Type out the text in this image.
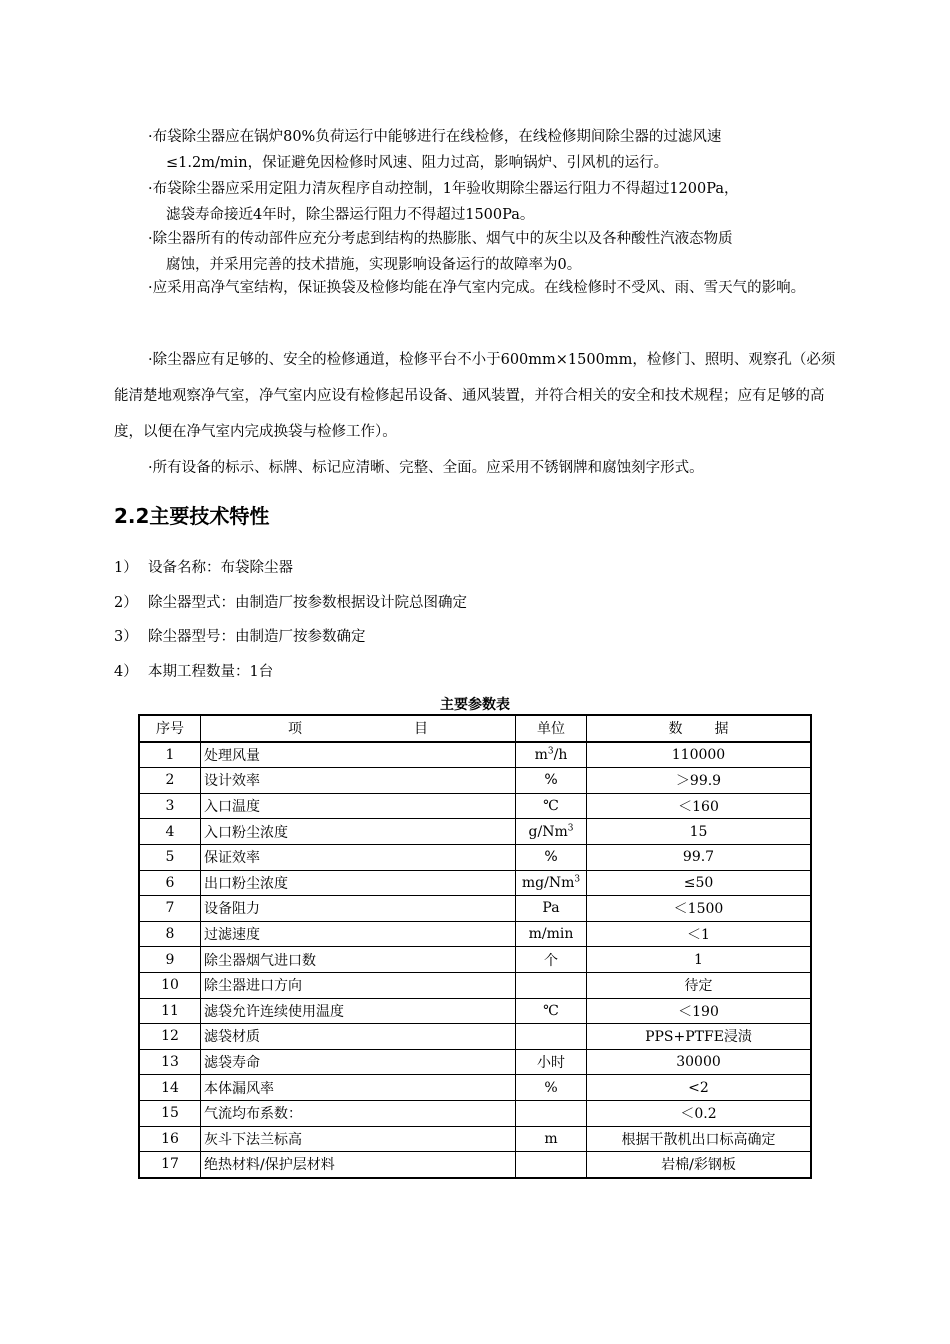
·布袋除尘器应在锅炉80%负荷运行中能够进行在线检修，在线检修期间除尘器的过滤风速
≤1.2m/min，保证避免因检修时风速、阻力过高，影响锅炉、引风机的运行。
·布袋除尘器应采用定阻力清灰程序自动控制，1年验收期除尘器运行阻力不得超过1200Pa，
滤袋寿命接近4年时，除尘器运行阻力不得超过1500Pa。
·除尘器所有的传动部件应充分考虑到结构的热膨胀、烟气中的灰尘以及各种酸性汽液态物质
腐蚀，并采用完善的技术措施，实现影响设备运行的故障率为0。
·应采用高净气室结构，保证换袋及检修均能在净气室内完成。在线检修时不受风、雨、雪天气的影响。
·除尘器应有足够的、安全的检修通道，检修平台不小于600mm×1500mm，检修门、照明、观察孔（必须能清楚地观察净气室，净气室内应设有检修起吊设备、通风装置，并符合相关的安全和技术规程；应有足够的高度，以便在净气室内完成换袋与检修工作）。
·所有设备的标示、标牌、标记应清晰、完整、全面。应采用不锈钢牌和腐蚀刻字形式。
2.2主要技术特性
1） 设备名称：布袋除尘器
2） 除尘器型式：由制造厂按参数根据设计院总图确定
3） 除尘器型号：由制造厂按参数确定
4） 本期工程数量：1台
主要参数表
序号	项目	单位	数据
1	处理风量	$m^3/h$	110000
2	设计效率	%	＞99.9
3	入口温度	℃	＜160
4	入口粉尘浓度	g/Nm$^3$	15
5	保证效率	%	99.7
6	出口粉尘浓度	$mg/Nm^3$	≤50
7	设备阻力	Pa	＜1500
8	过滤速度	m/min	＜1
9	除尘器烟气进口数	个	1
10	除尘器进口方向		待定
11	滤袋允许连续使用温度	℃	＜190
12	滤袋材质		PPS+PTFE浸渍
13	滤袋寿命	小时	30000
14	本体漏风率	%	<2
15	气流均布系数：		＜0.2
16	灰斗下法兰标高	m	根据干散机出口标高确定
17	绝热材料/保护层材料		岩棉/彩钢板
